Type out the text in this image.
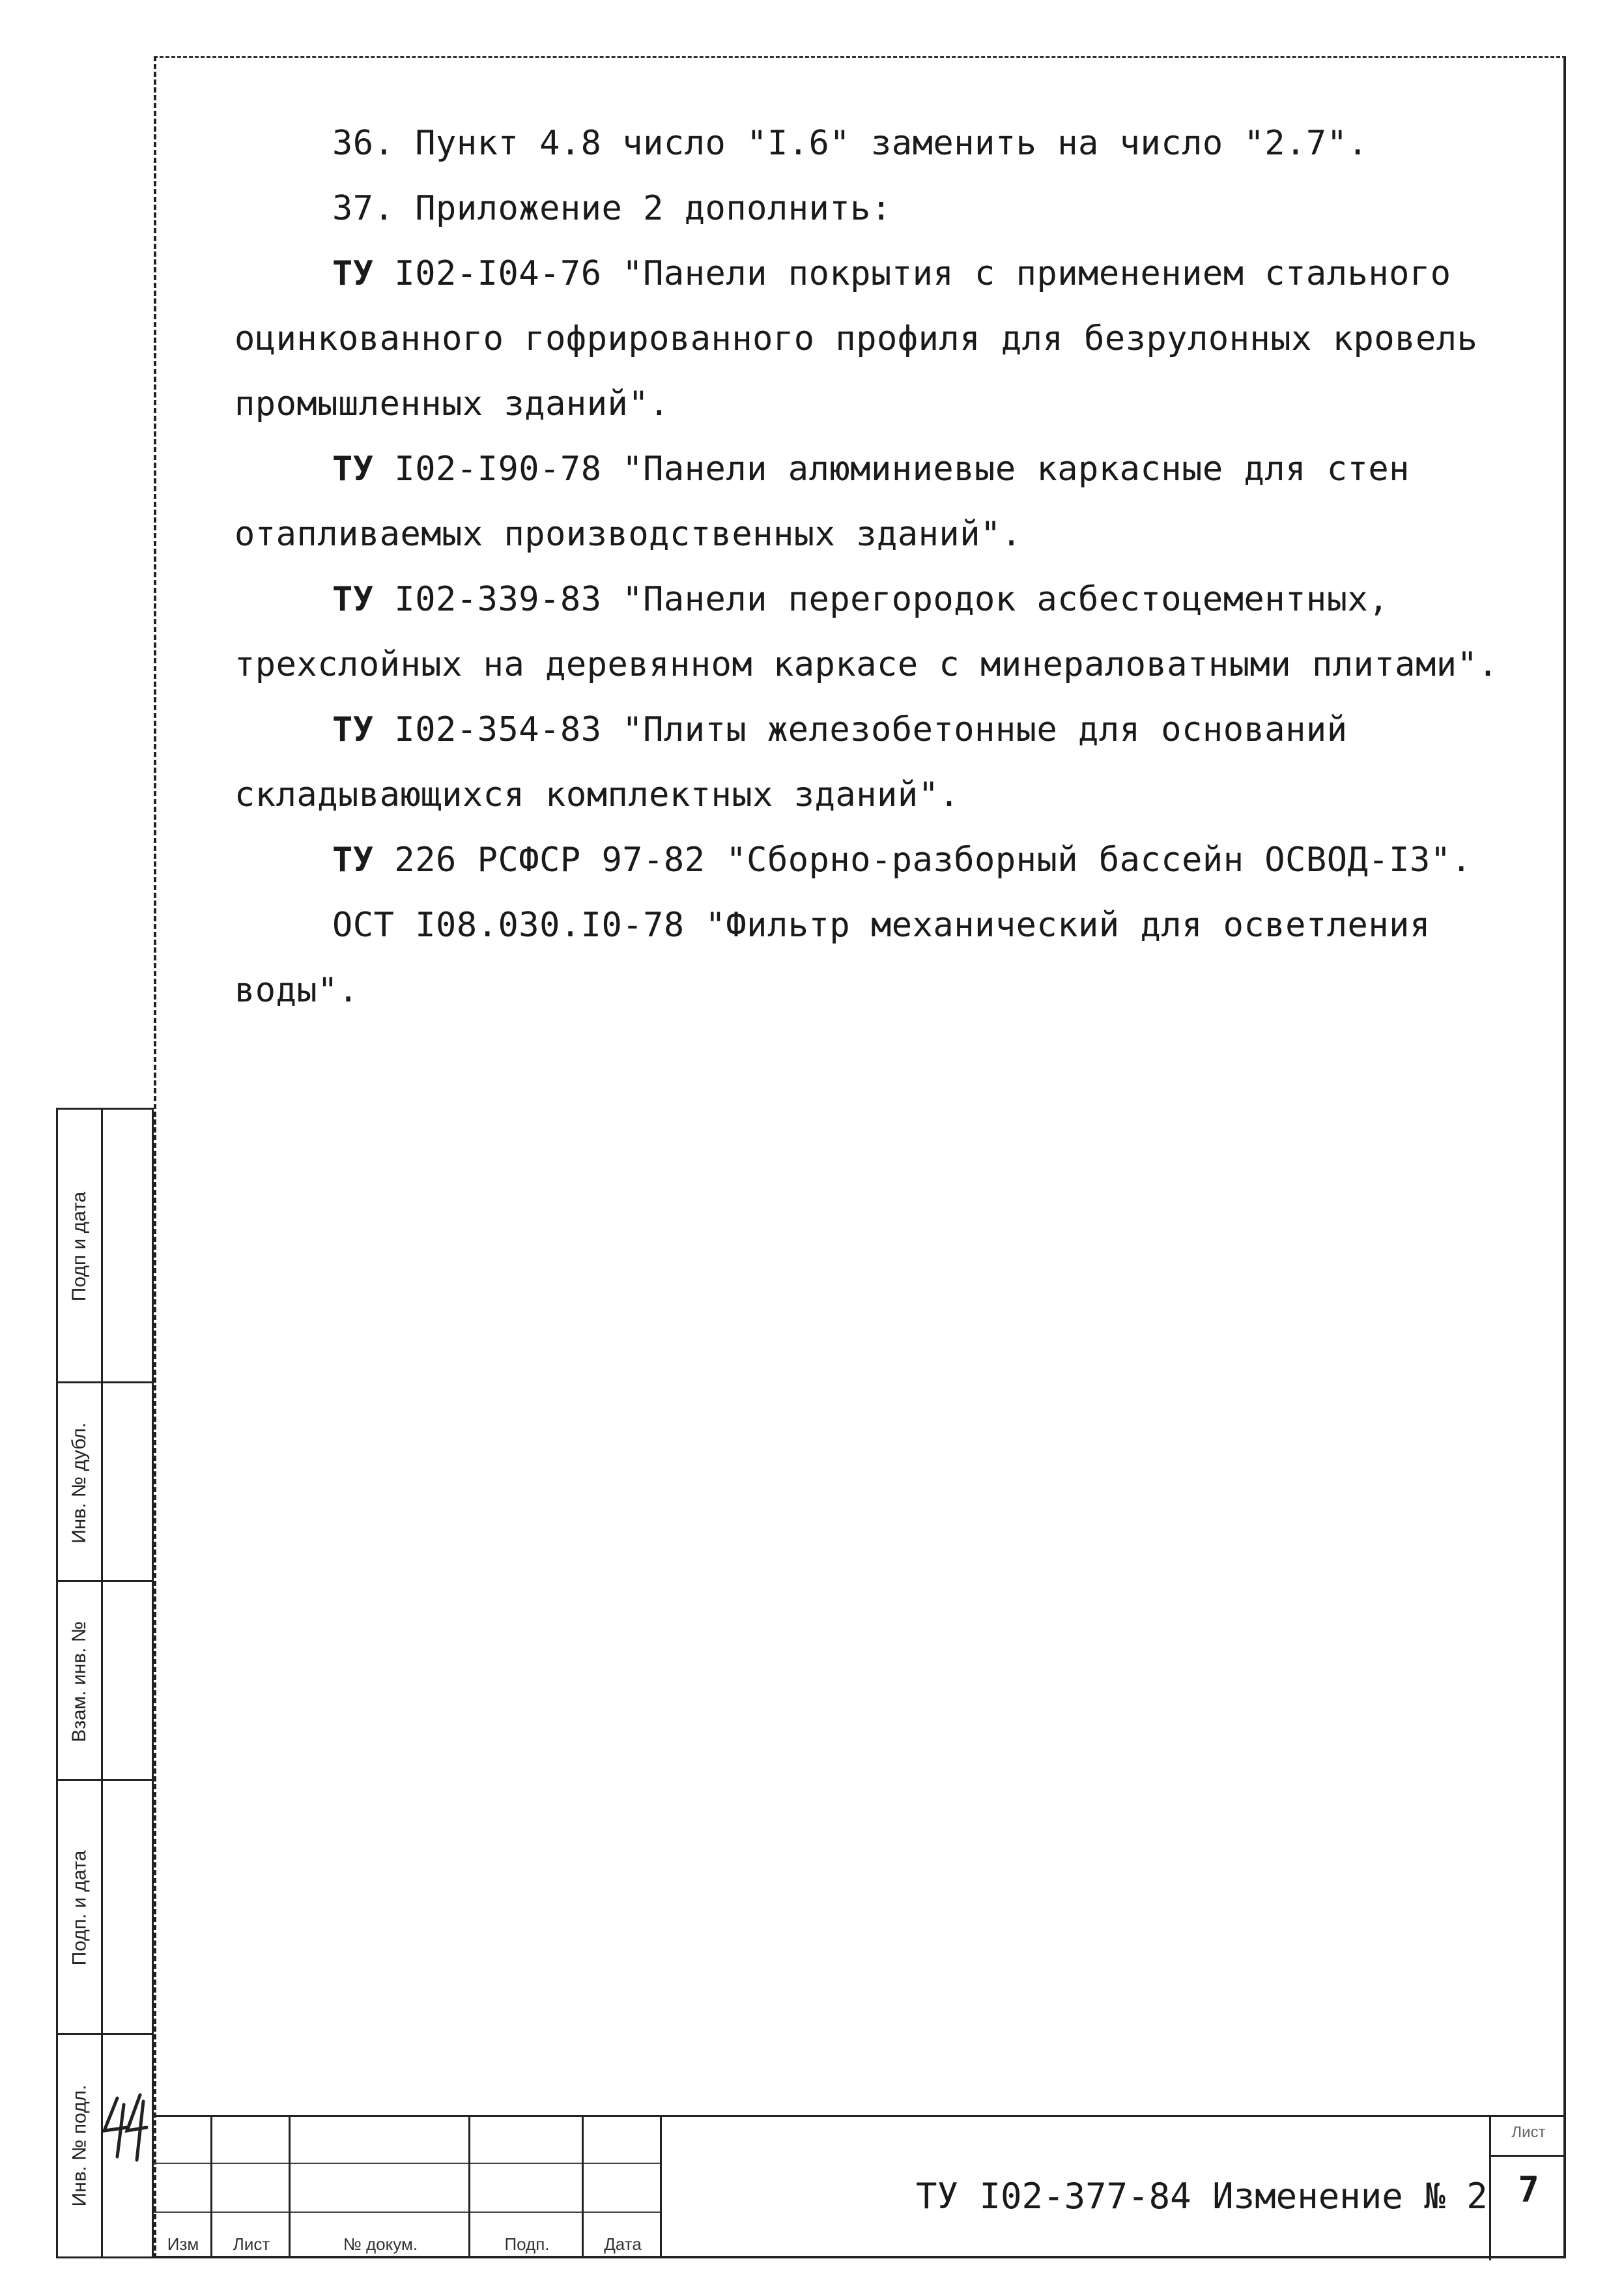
36. Пункт 4.8 число "I.6" заменить на число "2.7".

37. Приложение 2 дополнить:

ТУ I02-I04-76 "Панели покрытия с применением стального оцинкованного гофрированного профиля для безрулонных кровель промышленных зданий".

ТУ I02-I90-78 "Панели алюминиевые каркасные для стен отапливаемых производственных зданий".

ТУ I02-339-83 "Панели перегородок асбестоцементных, трехслойных на деревянном каркасе с минераловатными плитами".

ТУ I02-354-83 "Плиты железобетонные для оснований складывающихся комплектных зданий".

ТУ 226 РСФСР 97-82 "Сборно-разборный бассейн ОСВОД-I3".

ОСТ I08.030.I0-78 "Фильтр механический для осветления воды".

Подп и дата
Инв. № дубл.
Взам. инв. №
Подп. и дата
Инв. № подл.
Изм	Лист	№ докум.	Подп.	Дата
ТУ I02-377-84 Изменение № 2
Лист
7
